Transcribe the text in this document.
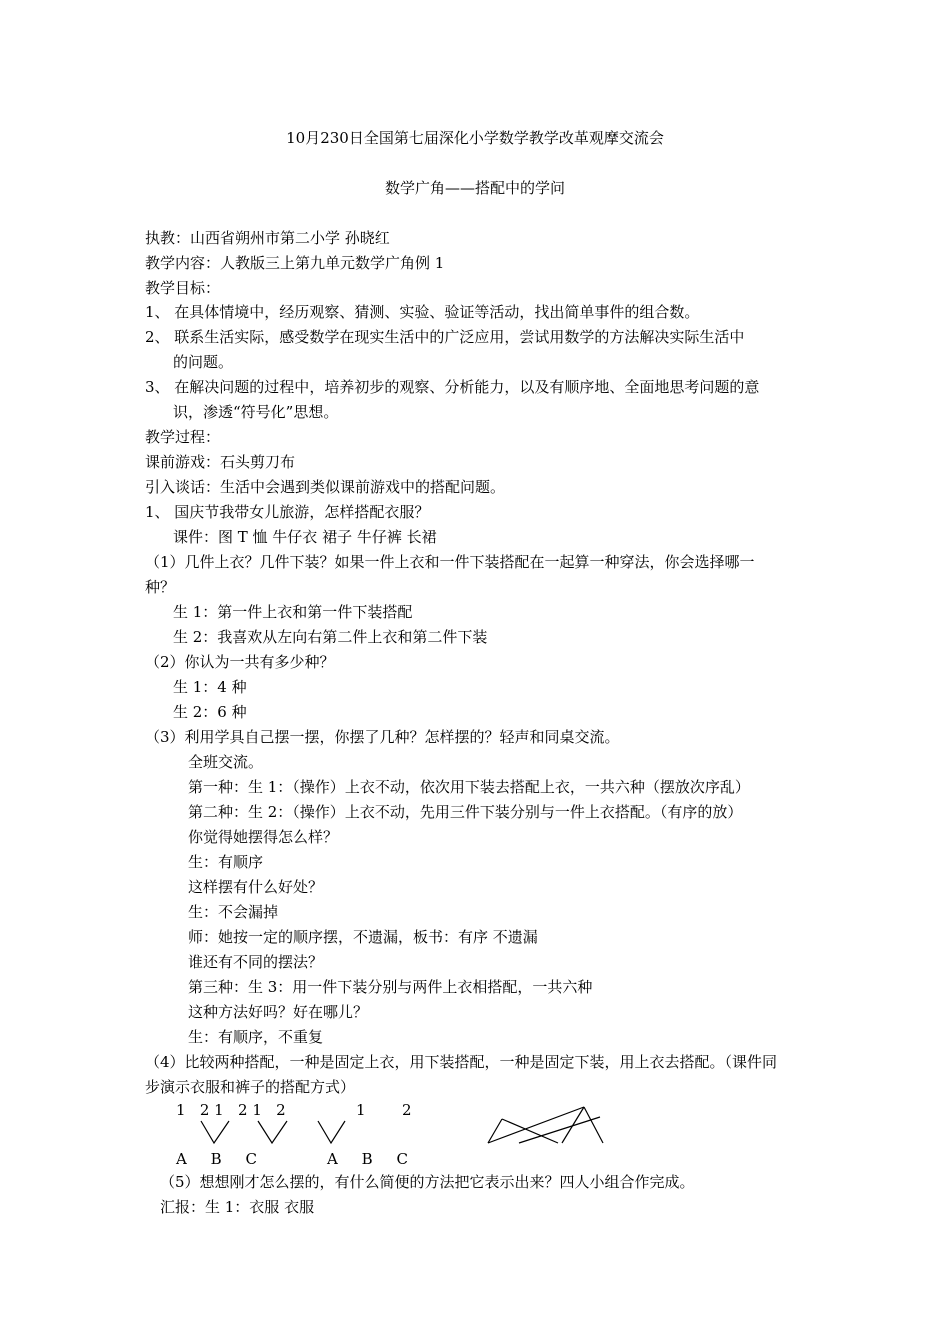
10月230日全国第七届深化小学数学教学改革观摩交流会
数学广角——搭配中的学问
执教：山西省朔州市第二小学 孙晓红
教学内容：人教版三上第九单元数学广角例 1
教学目标：
1、 在具体情境中，经历观察、猜测、实验、验证等活动，找出简单事件的组合数。
2、 联系生活实际，感受数学在现实生活中的广泛应用，尝试用数学的方法解决实际生活中
的问题。
3、 在解决问题的过程中，培养初步的观察、分析能力，以及有顺序地、全面地思考问题的意
识，渗透“符号化”思想。
教学过程：
课前游戏：石头剪刀布
引入谈话：生活中会遇到类似课前游戏中的搭配问题。
1、 国庆节我带女儿旅游，怎样搭配衣服？
课件：图 T 恤 牛仔衣 裙子 牛仔裤 长裙
（1）几件上衣？几件下装？如果一件上衣和一件下装搭配在一起算一种穿法，你会选择哪一
种？
生 1：第一件上衣和第一件下装搭配
生 2：我喜欢从左向右第二件上衣和第二件下装
（2）你认为一共有多少种？
生 1：4 种
生 2：6 种
（3）利用学具自己摆一摆，你摆了几种？怎样摆的？轻声和同桌交流。
全班交流。
第一种：生 1：（操作）上衣不动，依次用下装去搭配上衣，一共六种（摆放次序乱）
第二种：生 2：（操作）上衣不动，先用三件下装分别与一件上衣搭配。（有序的放）
你觉得她摆得怎么样？
生：有顺序
这样摆有什么好处？
生：不会漏掉
师：她按一定的顺序摆，不遗漏，板书：有序 不遗漏
谁还有不同的摆法？
第三种：生 3：用一件下装分别与两件上衣相搭配，一共六种
这种方法好吗？好在哪儿？
生：有顺序，不重复
（4）比较两种搭配，一种是固定上衣，用下装搭配，一种是固定下装，用上衣去搭配。（课件同
步演示衣服和裤子的搭配方式）
1   2 1   2 1   2	1 2
A     B     C	A     B     C
（5）想想刚才怎么摆的，有什么简便的方法把它表示出来？四人小组合作完成。
汇报：生 1：衣服 衣服
